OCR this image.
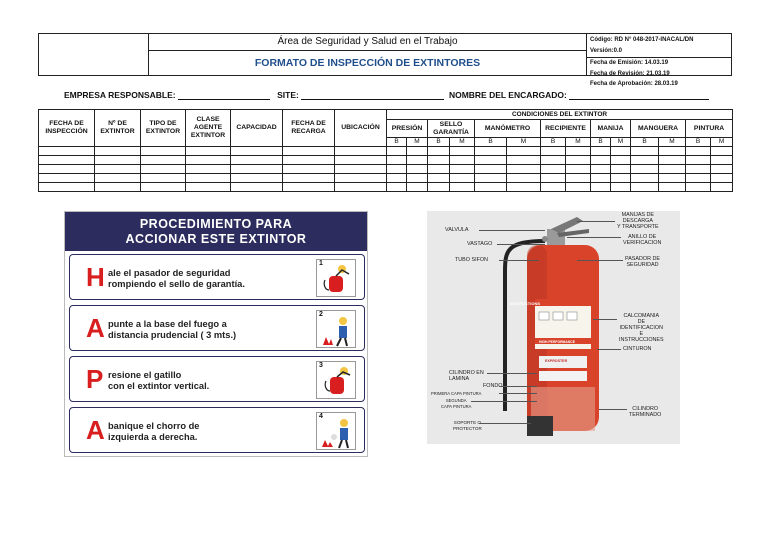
Área de Seguridad y Salud en el Trabajo
FORMATO DE INSPECCIÓN DE EXTINTORES
Código: RD N° 048-2017-INACAL/DN
Versión:0.0
Fecha de Emisión: 14.03.19
Fecha de Revisión: 21.03.19
Fecha de Aprobación: 28.03.19
EMPRESA RESPONSABLE:	SITE:	NOMBRE DEL ENCARGADO:
FECHA DE INSPECCIÓN	Nº DE EXTINTOR	TIPO DE EXTINTOR	CLASE AGENTE EXTINTOR	CAPACIDAD	FECHA DE RECARGA	UBICACIÓN	CONDICIONES DEL EXTINTOR													
							PRESIÓN		SELLO GARANTÍA		MANÓMETRO		RECIPIENTE		MANIJA		MANGUERA		PINTURA	
							B	M	B	M	B	M	B	M	B	M	B	M	B	M

PROCEDIMIENTO PARA
ACCIONAR ESTE EXTINTOR
H ale el pasador de seguridad
rompiendo el sello de garantía.
1
A punte a la base del fuego a
distancia prudencial ( 3 mts.)
2
P resione el gatillo
con el extintor vertical.
3
A banique el chorro de
izquierda a derecha.
4
INSTRUCTIONS
HIGH PERFORMANCE
EXPROSTER
VALVULA
VASTAGO
TUBO SIFON
CILINDRO EN
LAMINA
FONDO
PRIMERA CAPA PINTURA
SEGUNDA
CAPA PINTURA
SOPORTE O
PROTECTOR
MANIJAS DE
DESCARGA
Y TRANSPORTE
ANILLO DE
VERIFICACION
PASADOR DE
SEGURIDAD
CALCOMANIA
DE
IDENTIFICACION
E
INSTRUCCIONES
CINTURON
CILINDRO
TERMINADO
